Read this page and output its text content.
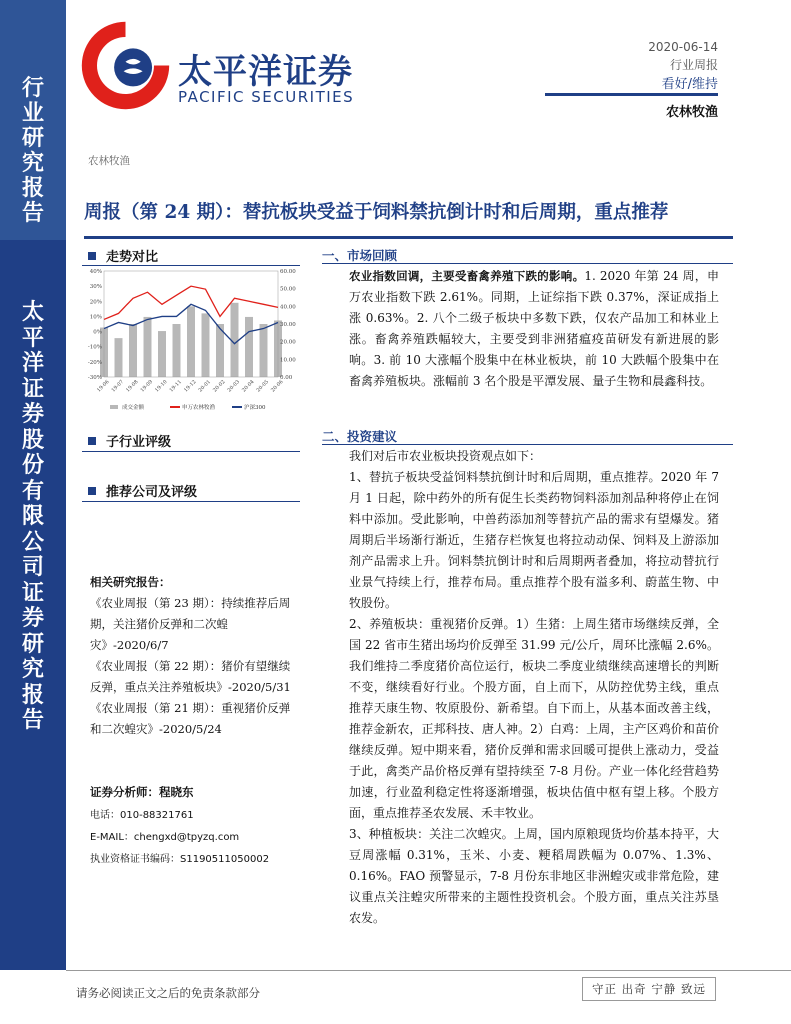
行
业
研
究
报
告
太
平
洋
证
券
股
份
有
限
公
司
证
券
研
究
报
告
太平洋证券
PACIFIC SECURITIES
2020-06-14
行业周报
看好/维持
农林牧渔
农林牧渔
周报（第 24 期）：替抗板块受益于饲料禁抗倒计时和后周期，重点推荐
走势对比
40%
30%
20%
10%
0%
-10%
-20%
-30%
60.00
50.00
40.00
30.00
20.00
10.00
0.00
19-06 19-07 19-08 19-09 19-10 19-11 19-12 20-01 20-02 20-03 20-04 20-05 20-06
成交金额	申万农林牧渔	沪深300
子行业评级
推荐公司及评级
相关研究报告：
《农业周报（第 23 期）：持续推荐后周期，关注猪价反弹和二次蝗灾》-2020/6/7
《农业周报（第 22 期）：猪价有望继续反弹，重点关注养殖板块》-2020/5/31
《农业周报（第 21 期）：重视猪价反弹和二次蝗灾》-2020/5/24
证券分析师：程晓东
电话：010-88321761
E-MAIL：chengxd@tpyzq.com
执业资格证书编码：S1190511050002
一、市场回顾

农业指数回调，主要受畜禽养殖下跌的影响。1. 2020 年第 24 周，申万农业指数下跌 2.61%。同期，上证综指下跌 0.37%，深证成指上涨 0.63%。2. 八个二级子板块中多数下跌，仅农产品加工和林业上涨。畜禽养殖跌幅较大，主要受到非洲猪瘟疫苗研发有新进展的影响。3. 前 10 大涨幅个股集中在林业板块，前 10 大跌幅个股集中在畜禽养殖板块。涨幅前 3 名个股是平潭发展、量子生物和晨鑫科技。

二、投资建议

我们对后市农业板块投资观点如下：

1、替抗子板块受益饲料禁抗倒计时和后周期，重点推荐。2020 年 7 月 1 日起，除中药外的所有促生长类药物饲料添加剂品种将停止在饲料中添加。受此影响，中兽药添加剂等替抗产品的需求有望爆发。猪周期后半场渐行渐近，生猪存栏恢复也将拉动动保、饲料及上游添加剂产品需求上升。饲料禁抗倒计时和后周期两者叠加，将拉动替抗行业景气持续上行，推荐布局。重点推荐个股有溢多利、蔚蓝生物、中牧股份。

2、养殖板块：重视猪价反弹。1）生猪：上周生猪市场继续反弹，全国 22 省市生猪出场均价反弹至 31.99 元/公斤，周环比涨幅 2.6%。我们维持二季度猪价高位运行，板块二季度业绩继续高速增长的判断不变，继续看好行业。个股方面，自上而下，从防控优势主线，重点推荐天康生物、牧原股份、新希望。自下而上，从基本面改善主线，推荐金新农，正邦科技、唐人神。2）白鸡：上周，主产区鸡价和苗价继续反弹。短中期来看，猪价反弹和需求回暖可提供上涨动力，受益于此，禽类产品价格反弹有望持续至 7-8 月份。产业一体化经营趋势加速，行业盈利稳定性将逐渐增强，板块估值中枢有望上移。个股方面，重点推荐圣农发展、禾丰牧业。

3、种植板块：关注二次蝗灾。上周，国内原粮现货均价基本持平，大豆周涨幅 0.31%，玉米、小麦、粳稻周跌幅为 0.07%、1.3%、0.16%。FAO 预警显示，7-8 月份东非地区非洲蝗灾或非常危险，建议重点关注蝗灾所带来的主题性投资机会。个股方面，重点关注苏垦农发。

请务必阅读正文之后的免责条款部分	守正 出奇 宁静 致远
